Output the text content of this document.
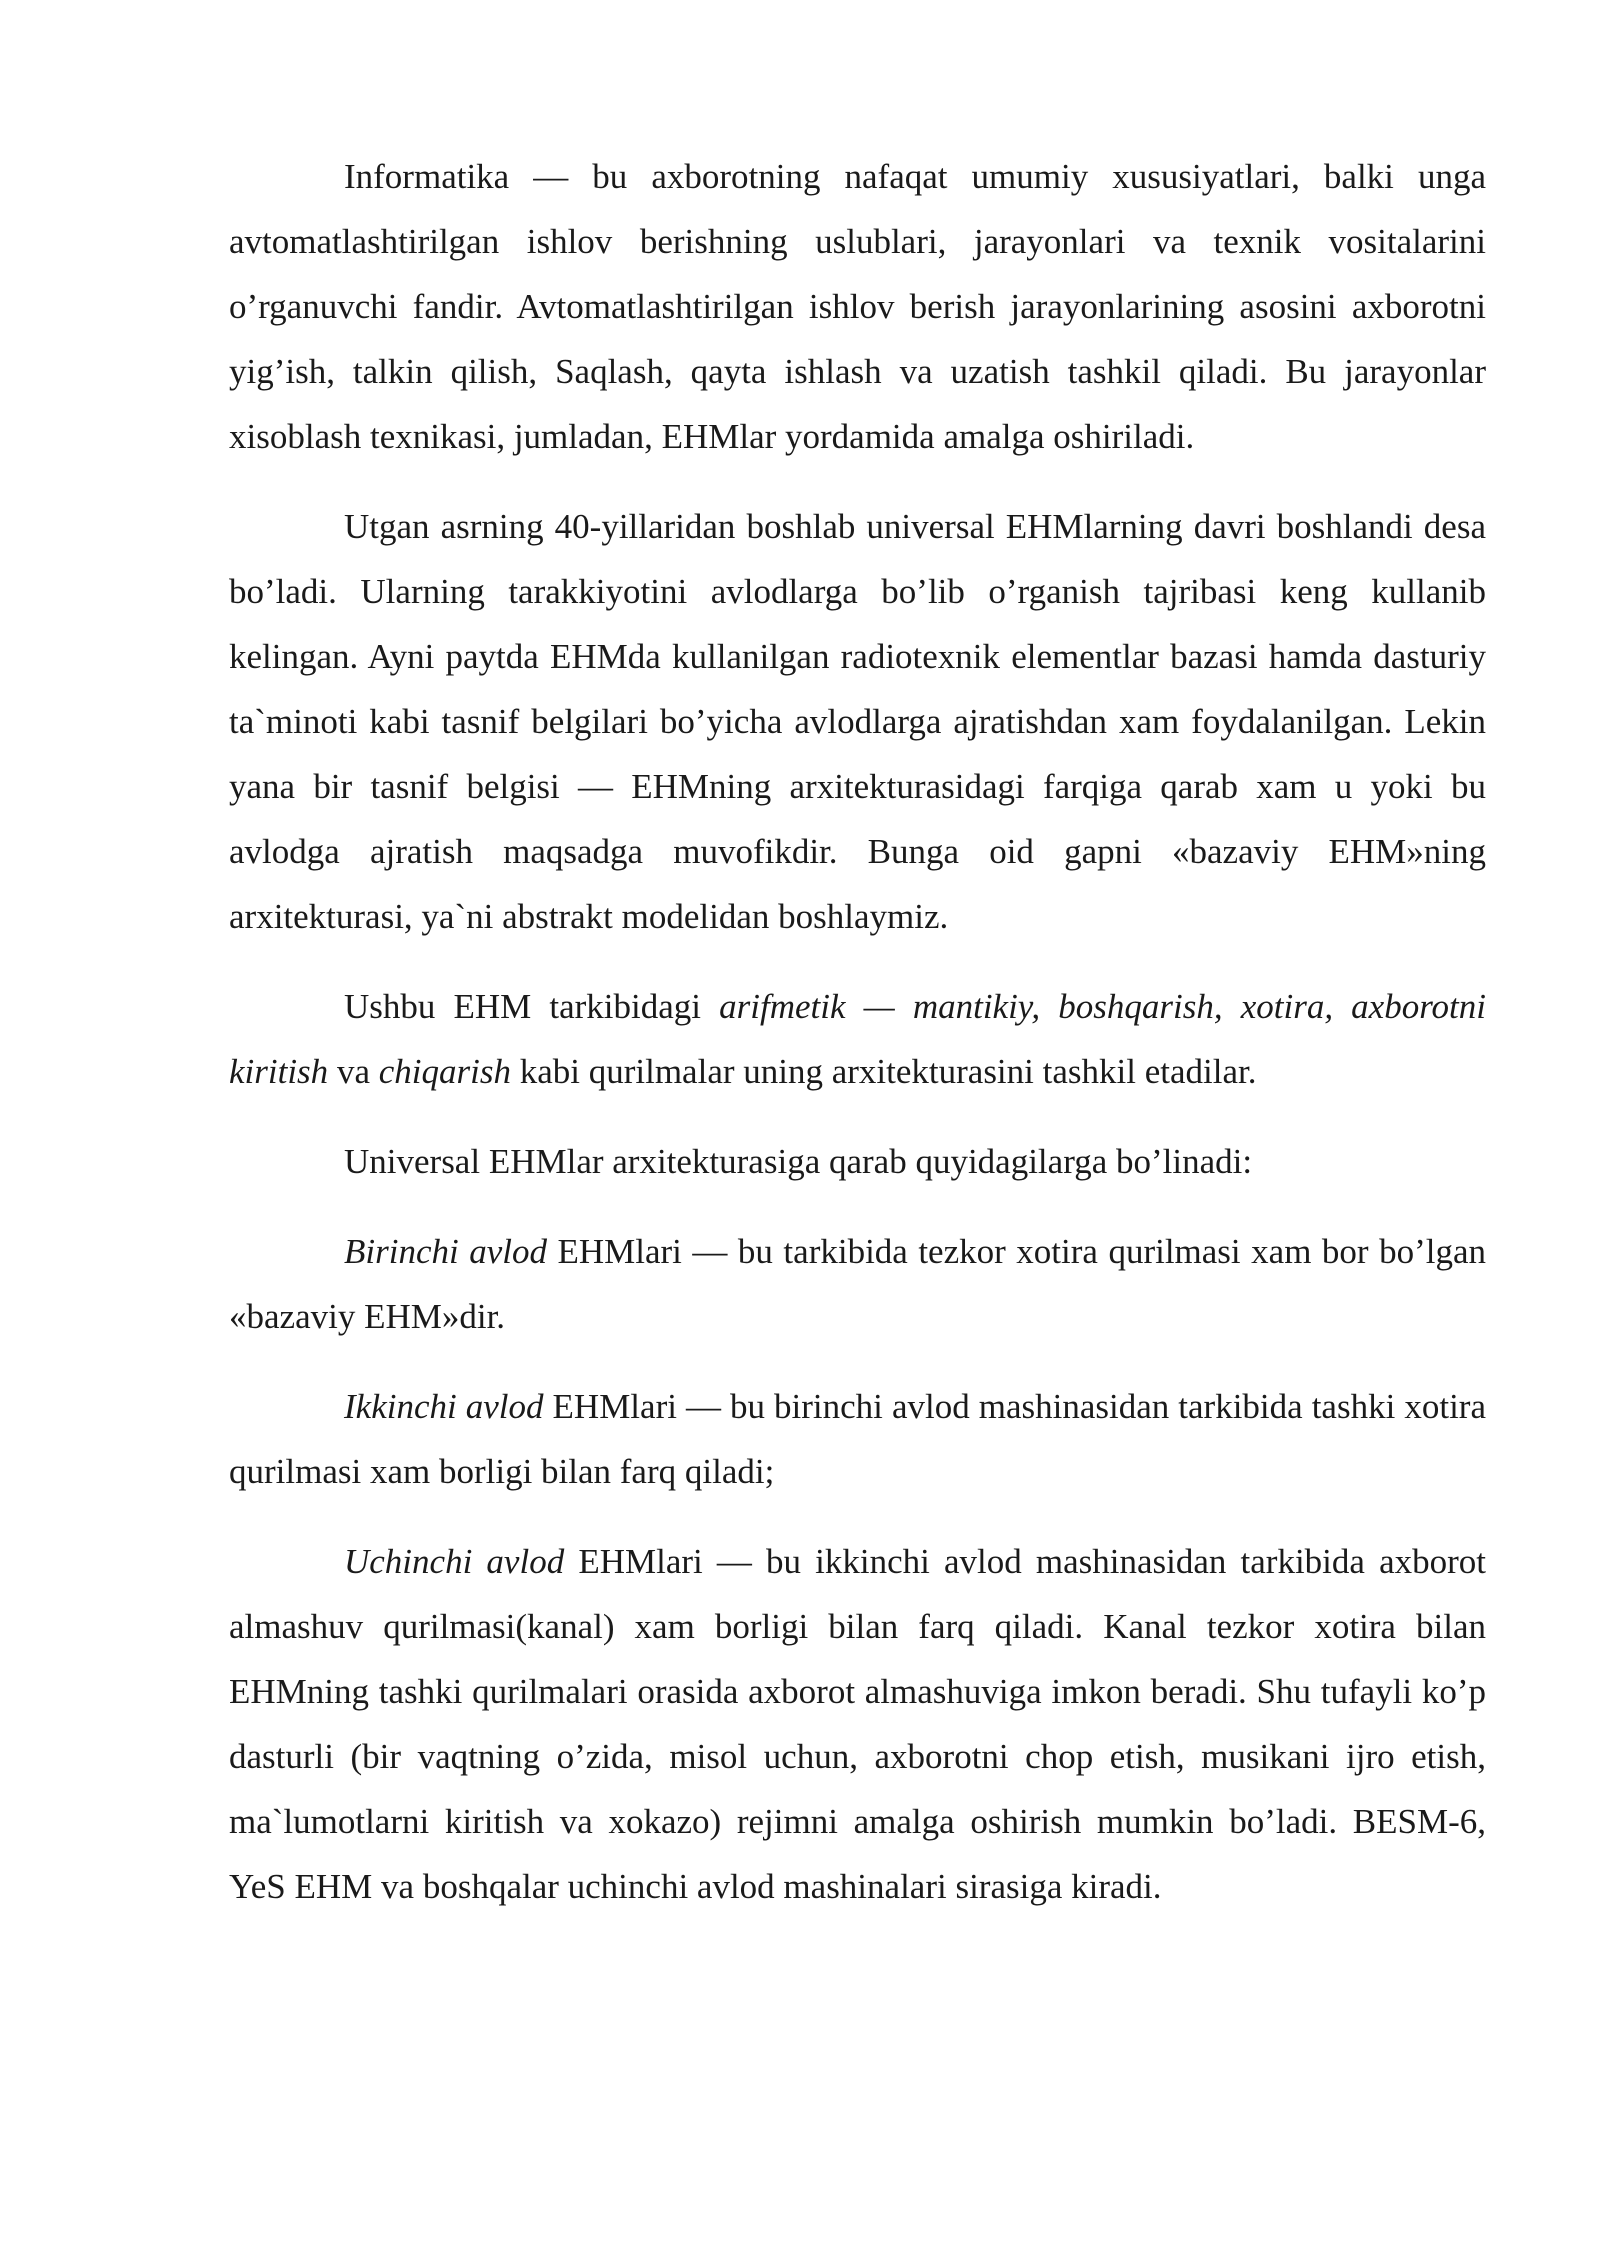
Informatika — bu axborotning nafaqat umumiy xususiyatlari, balki unga avtomatlashtirilgan ishlov berishning uslublari, jarayonlari va texnik vositalarini o’rganuvchi fandir. Avtomatlashtirilgan ishlov berish jarayonlarining asosini axborotni yig’ish, talkin qilish, Saqlash, qayta ishlash va uzatish tashkil qiladi. Bu jarayonlar xisoblash texnikasi, jumladan, EHMlar yordamida amalga oshiriladi.

Utgan asrning 40-yillaridan boshlab universal EHMlarning davri boshlandi desa bo’ladi. Ularning tarakkiyotini avlodlarga bo’lib o’rganish tajribasi keng kullanib kelingan. Ayni paytda EHMda kullanilgan radiotexnik elementlar bazasi hamda dasturiy ta`minoti kabi tasnif belgilari bo’yicha avlodlarga ajratishdan xam foydalanilgan. Lekin yana bir tasnif belgisi — EHMning arxitekturasidagi farqiga qarab xam u yoki bu avlodga ajratish maqsadga muvofikdir. Bunga oid gapni «bazaviy EHM»ning arxitekturasi, ya`ni abstrakt modelidan boshlaymiz.

Ushbu EHM tarkibidagi arifmetik — mantikiy, boshqarish, xotira, axborotni kiritish va chiqarish kabi qurilmalar uning arxitekturasini tashkil etadilar.

Universal EHMlar arxitekturasiga qarab quyidagilarga bo’linadi:

Birinchi avlod EHMlari — bu tarkibida tezkor xotira qurilmasi xam bor bo’lgan «bazaviy EHM»dir.

Ikkinchi avlod EHMlari — bu birinchi avlod mashinasidan tarkibida tashki xotira qurilmasi xam borligi bilan farq qiladi;

Uchinchi avlod EHMlari — bu ikkinchi avlod mashinasidan tarkibida axborot almashuv qurilmasi(kanal) xam borligi bilan farq qiladi. Kanal tezkor xotira bilan EHMning tashki qurilmalari orasida axborot almashuviga imkon beradi. Shu tufayli ko’p dasturli (bir vaqtning o’zida, misol uchun, axborotni chop etish, musikani ijro etish, ma`lumotlarni kiritish va xokazo) rejimni amalga oshirish mumkin bo’ladi. BESM-6, YeS EHM va boshqalar uchinchi avlod mashinalari sirasiga kiradi.
